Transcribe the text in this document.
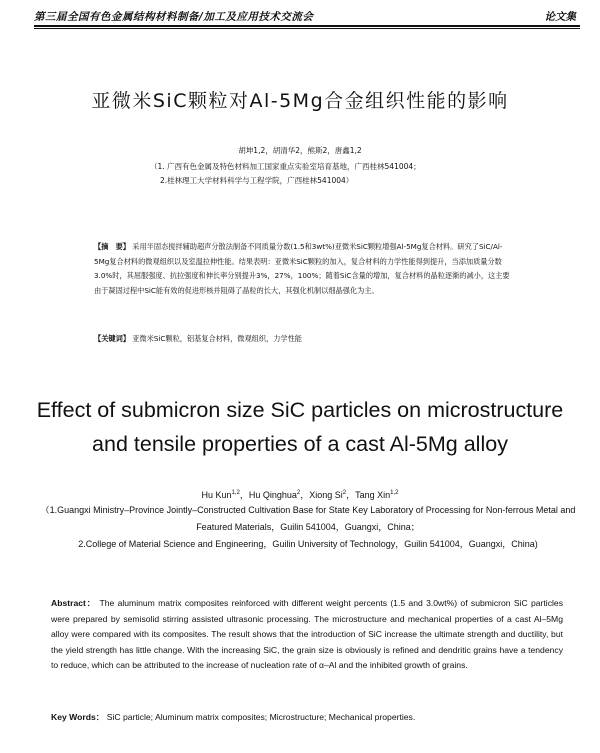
第三届全国有色金属结构材料制备/加工及应用技术交流会	论文集
亚微米SiC颗粒对Al-5Mg合金组织性能的影响
胡坤1,2，胡清华2，熊斯2，唐鑫1,2
（1. 广西有色金属及特色材料加工国家重点实验室培育基地，广西桂林541004；
2.桂林理工大学材料科学与工程学院，广西桂林541004）
【摘　要】 采用半固态搅拌辅助超声分散法制备不同质量分数(1.5和3wt%)亚微米SiC颗粒增强Al-5Mg复合材料。研究了SiC/Al-5Mg复合材料的微观组织以及室温拉伸性能。结果表明：亚微米SiC颗粒的加入，复合材料的力学性能得到提升，当添加质量分数3.0%时，其屈服强度、抗拉强度和伸长率分别提升3%，27%，100%；随着SiC含量的增加，复合材料的晶粒逐渐的减小，这主要由于凝固过程中SiC能有效的促进形核并阻碍了晶粒的长大，其强化机制以细晶强化为主。
【关键词】 亚微米SiC颗粒，铝基复合材料，微观组织，力学性能
Effect of submicron size SiC particles on microstructure
and tensile properties of a cast Al-5Mg alloy
Hu Kun$^{1,2}$，Hu Qinghua$^2$，Xiong Si$^2$，Tang Xin$^{1,2}$
（1.Guangxi Ministry–Province Jointly–Constructed Cultivation Base for State Key Laboratory of Processing for Non-ferrous Metal and Featured Materials，Guilin 541004，Guangxi，China；
2.College of Material Science and Engineering，Guilin University of Technology，Guilin 541004，Guangxi，China)
Abstract： The aluminum matrix composites reinforced with different weight percents (1.5 and 3.0wt%) of submicron SiC particles were prepared by semisolid stirring assisted ultrasonic processing. The microstructure and mechanical properties of a cast Al–5Mg alloy were compared with its composites. The result shows that the introduction of SiC increase the ultimate strength and ductility, but the yield strength has little change. With the increasing SiC, the grain size is obviously is refined and dendritic grains have a tendency to reduce, which can be attributed to the increase of nucleation rate of α–Al and the inhibited growth of grains.
Key Words： SiC particle; Aluminum matrix composites; Microstructure; Mechanical properties.
